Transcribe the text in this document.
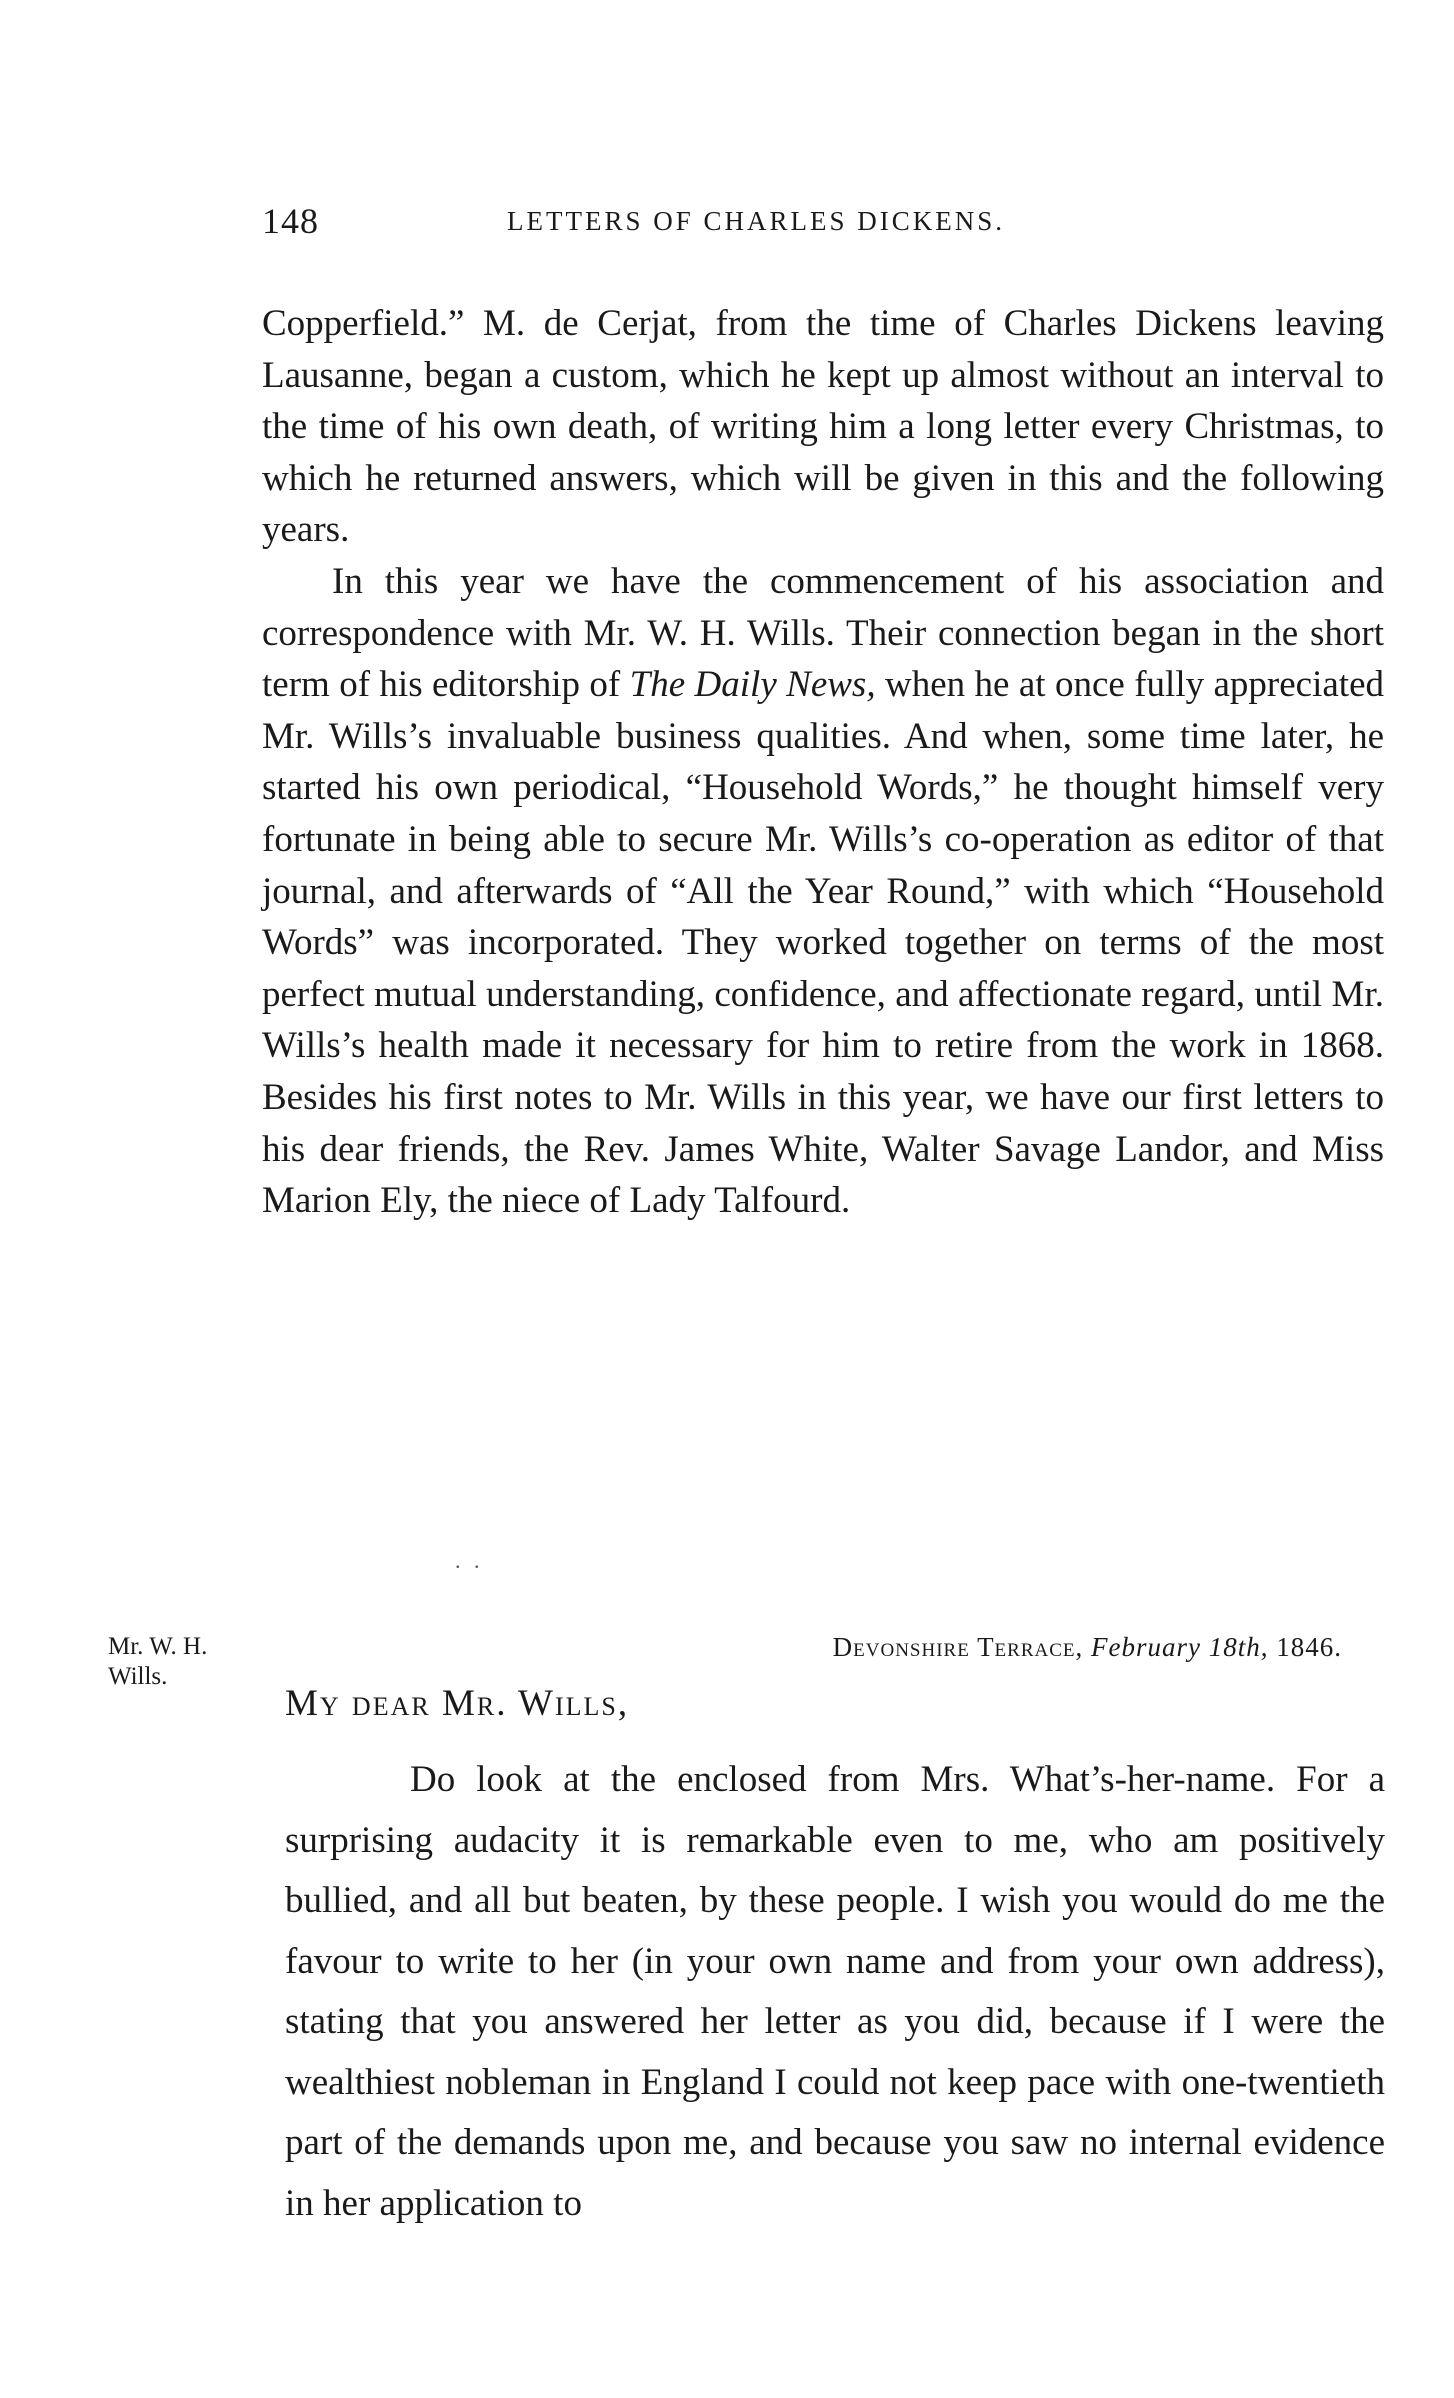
148	LETTERS OF CHARLES DICKENS.

Copperfield.” M. de Cerjat, from the time of Charles Dickens leaving Lausanne, began a custom, which he kept up almost without an interval to the time of his own death, of writing him a long letter every Christmas, to which he returned answers, which will be given in this and the following years.

In this year we have the commencement of his association and correspondence with Mr. W. H. Wills. Their connection began in the short term of his editorship of The Daily News, when he at once fully appreciated Mr. Wills’s invaluable business qualities. And when, some time later, he started his own periodical, “Household Words,” he thought himself very fortunate in being able to secure Mr. Wills’s co-operation as editor of that journal, and afterwards of “All the Year Round,” with which “Household Words” was incorporated. They worked together on terms of the most perfect mutual understanding, confidence, and affectionate regard, until Mr. Wills’s health made it necessary for him to retire from the work in 1868. Besides his first notes to Mr. Wills in this year, we have our first letters to his dear friends, the Rev. James White, Walter Savage Landor, and Miss Marion Ely, the niece of Lady Talfourd.

. .
Mr. W. H.
Wills.
Devonshire Terrace, February 18th, 1846.
My dear Mr. Wills,

Do look at the enclosed from Mrs. What’s-her-name. For a surprising audacity it is remarkable even to me, who am positively bullied, and all but beaten, by these people. I wish you would do me the favour to write to her (in your own name and from your own address), stating that you answered her letter as you did, because if I were the wealthiest nobleman in England I could not keep pace with one-twentieth part of the demands upon me, and because you saw no internal evidence in her application to
